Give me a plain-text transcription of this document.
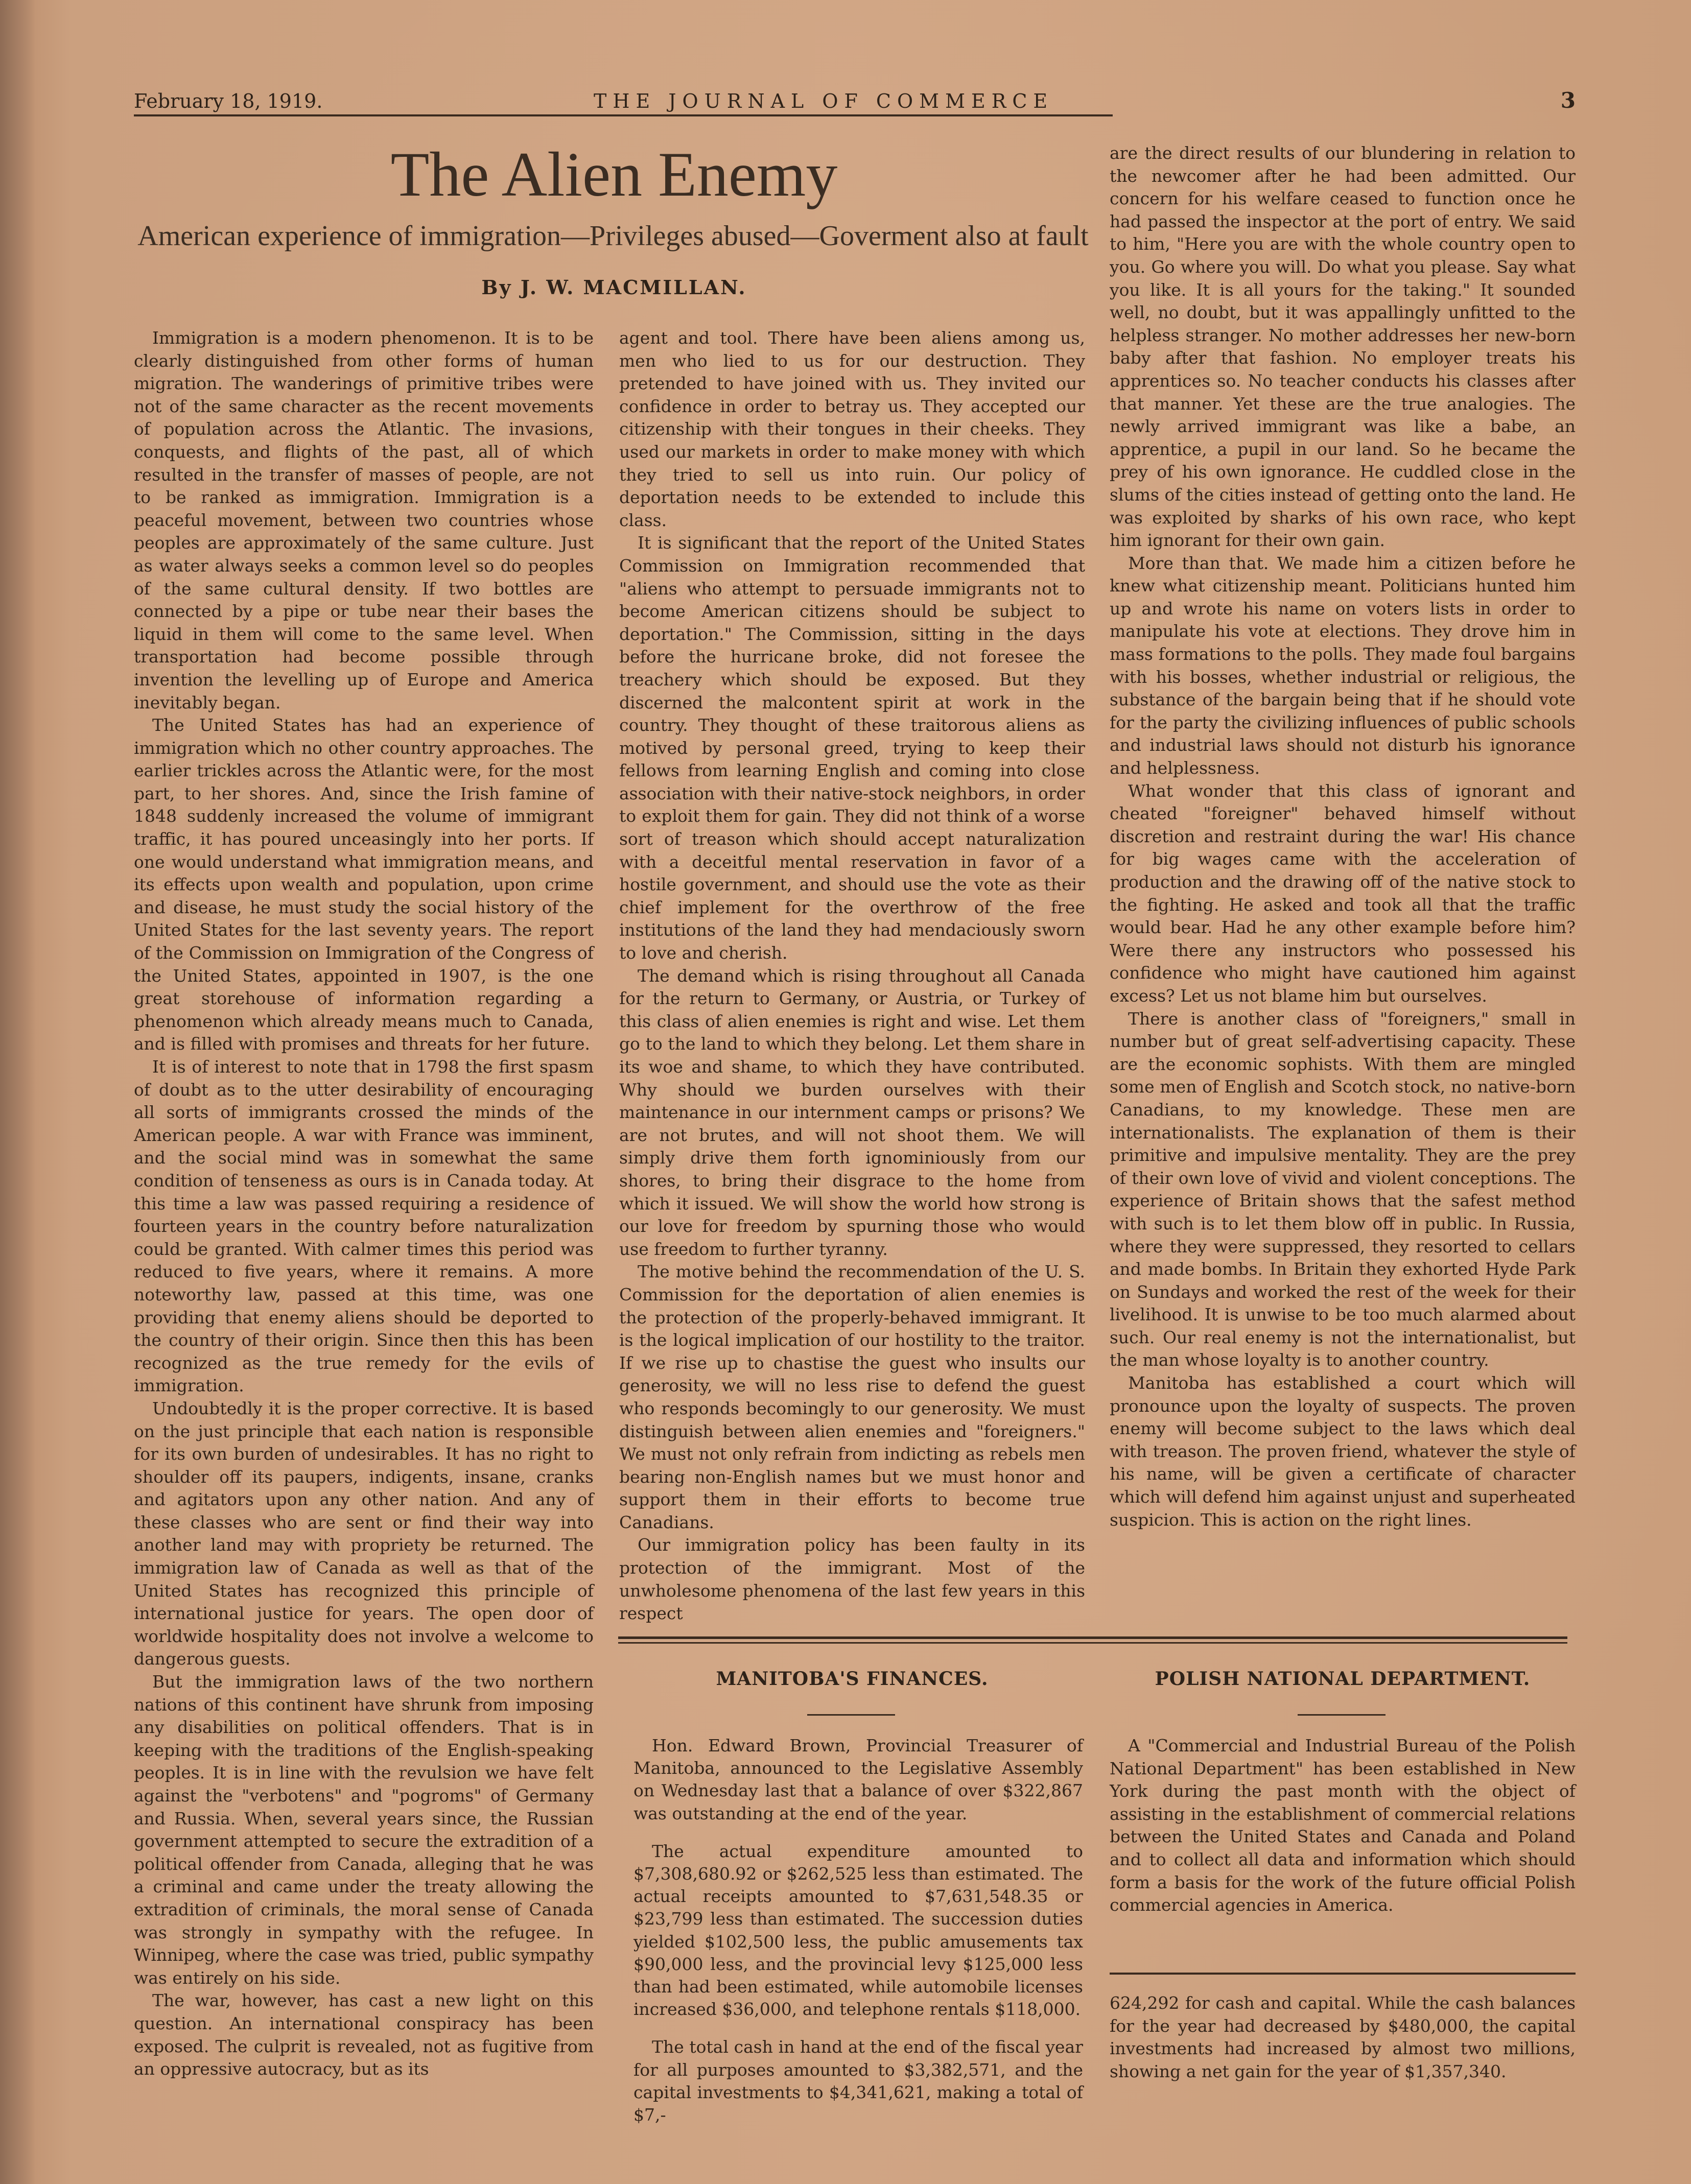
February 18, 1919.	THE JOURNAL OF COMMERCE	3
The Alien Enemy
American experience of immigration—Privileges abused—Goverment also at fault
By J. W. MACMILLAN.

Immigration is a modern phenomenon. It is to be clearly distinguished from other forms of human migration. The wanderings of primitive tribes were not of the same character as the recent movements of population across the Atlantic. The invasions, conquests, and flights of the past, all of which resulted in the transfer of masses of people, are not to be ranked as immigration. Immigration is a peaceful movement, between two countries whose peoples are approximately of the same culture. Just as water always seeks a common level so do peoples of the same cultural density. If two bottles are connected by a pipe or tube near their bases the liquid in them will come to the same level. When transportation had become possible through invention the levelling up of Europe and America inevitably began.

The United States has had an experience of immigration which no other country approaches. The earlier trickles across the Atlantic were, for the most part, to her shores. And, since the Irish famine of 1848 suddenly increased the volume of immigrant traffic, it has poured unceasingly into her ports. If one would understand what immigration means, and its effects upon wealth and population, upon crime and disease, he must study the social history of the United States for the last seventy years. The report of the Commission on Immigration of the Congress of the United States, appointed in 1907, is the one great storehouse of information regarding a phenomenon which already means much to Canada, and is filled with promises and threats for her future.

It is of interest to note that in 1798 the first spasm of doubt as to the utter desirability of encouraging all sorts of immigrants crossed the minds of the American people. A war with France was imminent, and the social mind was in somewhat the same condition of tenseness as ours is in Canada today. At this time a law was passed requiring a residence of fourteen years in the country before naturalization could be granted. With calmer times this period was reduced to five years, where it remains. A more noteworthy law, passed at this time, was one providing that enemy aliens should be deported to the country of their origin. Since then this has been recognized as the true remedy for the evils of immigration.

Undoubtedly it is the proper corrective. It is based on the just principle that each nation is responsible for its own burden of undesirables. It has no right to shoulder off its paupers, indigents, insane, cranks and agitators upon any other nation. And any of these classes who are sent or find their way into another land may with propriety be returned. The immigration law of Canada as well as that of the United States has recognized this principle of international justice for years. The open door of worldwide hospitality does not involve a welcome to dangerous guests.

But the immigration laws of the two northern nations of this continent have shrunk from imposing any disabilities on political offenders. That is in keeping with the traditions of the English-speaking peoples. It is in line with the revulsion we have felt against the "verbotens" and "pogroms" of Germany and Russia. When, several years since, the Russian government attempted to secure the extradition of a political offender from Canada, alleging that he was a criminal and came under the treaty allowing the extradition of criminals, the moral sense of Canada was strongly in sympathy with the refugee. In Winnipeg, where the case was tried, public sympathy was entirely on his side.

The war, however, has cast a new light on this question. An international conspiracy has been exposed. The culprit is revealed, not as fugitive from an oppressive autocracy, but as its

agent and tool. There have been aliens among us, men who lied to us for our destruction. They pretended to have joined with us. They invited our confidence in order to betray us. They accepted our citizenship with their tongues in their cheeks. They used our markets in order to make money with which they tried to sell us into ruin. Our policy of deportation needs to be extended to include this class.

It is significant that the report of the United States Commission on Immigration recommended that "aliens who attempt to persuade immigrants not to become American citizens should be subject to deportation." The Commission, sitting in the days before the hurricane broke, did not foresee the treachery which should be exposed. But they discerned the malcontent spirit at work in the country. They thought of these traitorous aliens as motived by personal greed, trying to keep their fellows from learning English and coming into close association with their native-stock neighbors, in order to exploit them for gain. They did not think of a worse sort of treason which should accept naturalization with a deceitful mental reservation in favor of a hostile government, and should use the vote as their chief implement for the overthrow of the free institutions of the land they had mendaciously sworn to love and cherish.

The demand which is rising throughout all Canada for the return to Germany, or Austria, or Turkey of this class of alien enemies is right and wise. Let them go to the land to which they belong. Let them share in its woe and shame, to which they have contributed. Why should we burden ourselves with their maintenance in our internment camps or prisons? We are not brutes, and will not shoot them. We will simply drive them forth ignominiously from our shores, to bring their disgrace to the home from which it issued. We will show the world how strong is our love for freedom by spurning those who would use freedom to further tyranny.

The motive behind the recommendation of the U. S. Commission for the deportation of alien enemies is the protection of the properly-behaved immigrant. It is the logical implication of our hostility to the traitor. If we rise up to chastise the guest who insults our generosity, we will no less rise to defend the guest who responds becomingly to our generosity. We must distinguish between alien enemies and "foreigners." We must not only refrain from indicting as rebels men bearing non-English names but we must honor and support them in their efforts to become true Canadians.

Our immigration policy has been faulty in its protection of the immigrant. Most of the unwholesome phenomena of the last few years in this respect

are the direct results of our blundering in relation to the newcomer after he had been admitted. Our concern for his welfare ceased to function once he had passed the inspector at the port of entry. We said to him, "Here you are with the whole country open to you. Go where you will. Do what you please. Say what you like. It is all yours for the taking." It sounded well, no doubt, but it was appallingly unfitted to the helpless stranger. No mother addresses her new-born baby after that fashion. No employer treats his apprentices so. No teacher conducts his classes after that manner. Yet these are the true analogies. The newly arrived immigrant was like a babe, an apprentice, a pupil in our land. So he became the prey of his own ignorance. He cuddled close in the slums of the cities instead of getting onto the land. He was exploited by sharks of his own race, who kept him ignorant for their own gain.

More than that. We made him a citizen before he knew what citizenship meant. Politicians hunted him up and wrote his name on voters lists in order to manipulate his vote at elections. They drove him in mass formations to the polls. They made foul bargains with his bosses, whether industrial or religious, the substance of the bargain being that if he should vote for the party the civilizing influences of public schools and industrial laws should not disturb his ignorance and helplessness.

What wonder that this class of ignorant and cheated "foreigner" behaved himself without discretion and restraint during the war! His chance for big wages came with the acceleration of production and the drawing off of the native stock to the fighting. He asked and took all that the traffic would bear. Had he any other example before him? Were there any instructors who possessed his confidence who might have cautioned him against excess? Let us not blame him but ourselves.

There is another class of "foreigners," small in number but of great self-advertising capacity. These are the economic sophists. With them are mingled some men of English and Scotch stock, no native-born Canadians, to my knowledge. These men are internationalists. The explanation of them is their primitive and impulsive mentality. They are the prey of their own love of vivid and violent conceptions. The experience of Britain shows that the safest method with such is to let them blow off in public. In Russia, where they were suppressed, they resorted to cellars and made bombs. In Britain they exhorted Hyde Park on Sundays and worked the rest of the week for their livelihood. It is unwise to be too much alarmed about such. Our real enemy is not the internationalist, but the man whose loyalty is to another country.

Manitoba has established a court which will pronounce upon the loyalty of suspects. The proven enemy will become subject to the laws which deal with treason. The proven friend, whatever the style of his name, will be given a certificate of character which will defend him against unjust and superheated suspicion. This is action on the right lines.

MANITOBA'S FINANCES.

Hon. Edward Brown, Provincial Treasurer of Manitoba, announced to the Legislative Assembly on Wednesday last that a balance of over $322,867 was outstanding at the end of the year.

The actual expenditure amounted to $7,308,680.92 or $262,525 less than estimated. The actual receipts amounted to $7,631,548.35 or $23,799 less than estimated. The succession duties yielded $102,500 less, the public amusements tax $90,000 less, and the provincial levy $125,000 less than had been estimated, while automobile licenses increased $36,000, and telephone rentals $118,000.

The total cash in hand at the end of the fiscal year for all purposes amounted to $3,382,571, and the capital investments to $4,341,621, making a total of $7,-

POLISH NATIONAL DEPARTMENT.

A "Commercial and Industrial Bureau of the Polish National Department" has been established in New York during the past month with the object of assisting in the establishment of commercial relations between the United States and Canada and Poland and to collect all data and information which should form a basis for the work of the future official Polish commercial agencies in America.

624,292 for cash and capital. While the cash balances for the year had decreased by $480,000, the capital investments had increased by almost two millions, showing a net gain for the year of $1,357,340.
